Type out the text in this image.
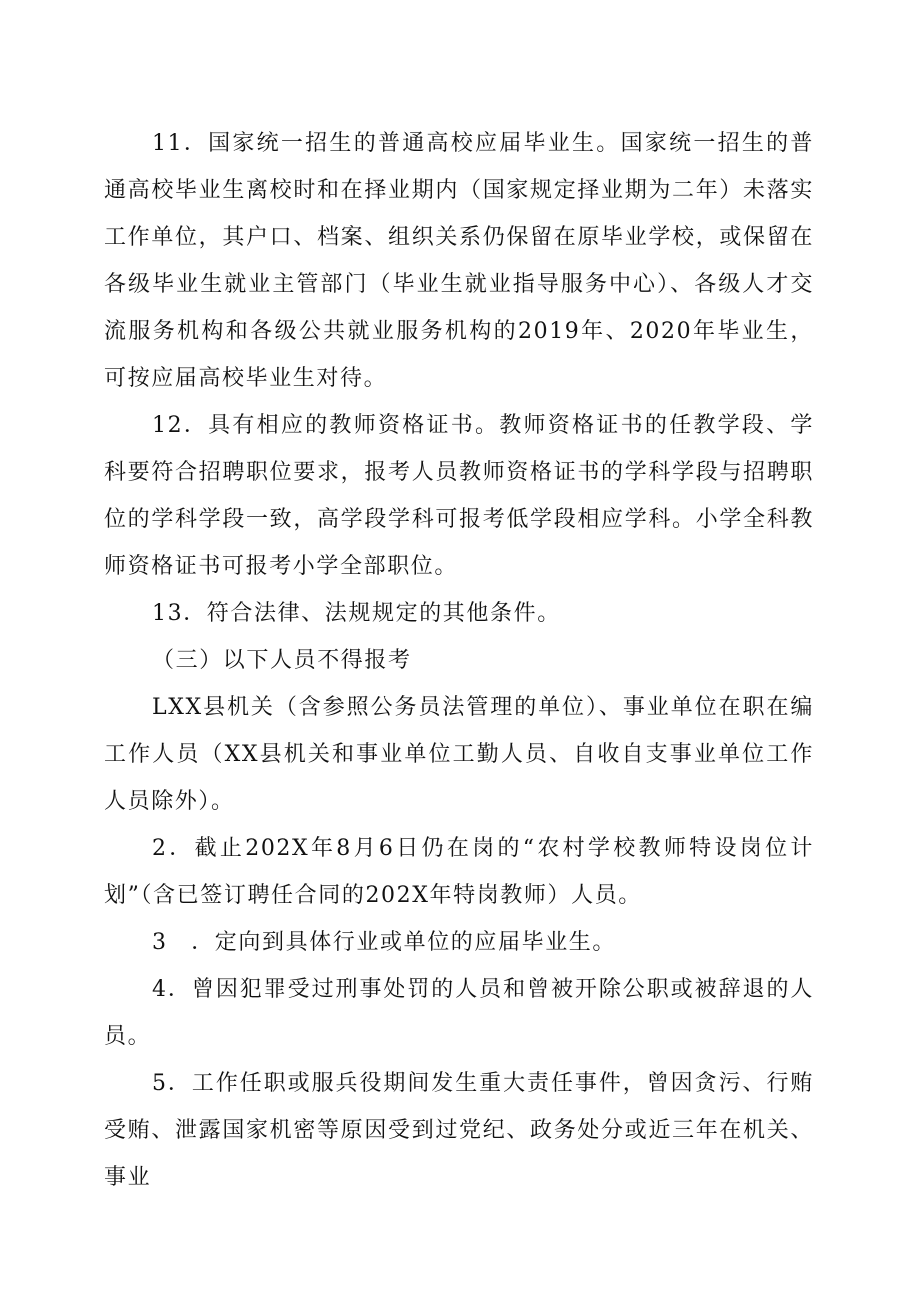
11．国家统一招生的普通高校应届毕业生。国家统一招生的普通高校毕业生离校时和在择业期内（国家规定择业期为二年）未落实工作单位，其户口、档案、组织关系仍保留在原毕业学校，或保留在各级毕业生就业主管部门（毕业生就业指导服务中心）、各级人才交流服务机构和各级公共就业服务机构的2019年、2020年毕业生，可按应届高校毕业生对待。

12．具有相应的教师资格证书。教师资格证书的任教学段、学科要符合招聘职位要求，报考人员教师资格证书的学科学段与招聘职位的学科学段一致，高学段学科可报考低学段相应学科。小学全科教师资格证书可报考小学全部职位。

13．符合法律、法规规定的其他条件。

（三）以下人员不得报考

LXX县机关（含参照公务员法管理的单位）、事业单位在职在编工作人员（XX县机关和事业单位工勤人员、自收自支事业单位工作人员除外）。

2．截止202X年8月6日仍在岗的“农村学校教师特设岗位计划”（含已签订聘任合同的202X年特岗教师）人员。

3　．定向到具体行业或单位的应届毕业生。

4．曾因犯罪受过刑事处罚的人员和曾被开除公职或被辞退的人员。

5．工作任职或服兵役期间发生重大责任事件，曾因贪污、行贿受贿、泄露国家机密等原因受到过党纪、政务处分或近三年在机关、事业
